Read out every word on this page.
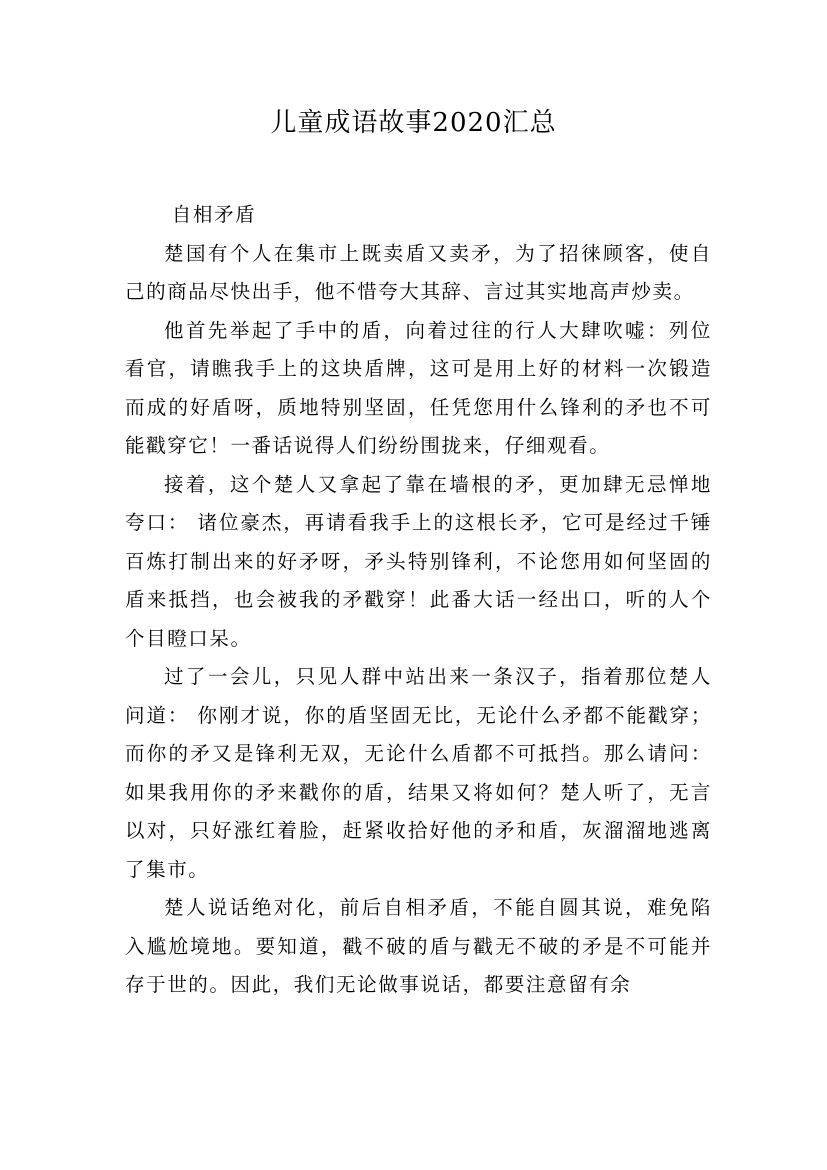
儿童成语故事2020汇总

自相矛盾

楚国有个人在集市上既卖盾又卖矛，为了招徕顾客，使自己的商品尽快出手，他不惜夸大其辞、言过其实地高声炒卖。

他首先举起了手中的盾，向着过往的行人大肆吹嘘：列位看官，请瞧我手上的这块盾牌，这可是用上好的材料一次锻造而成的好盾呀，质地特别坚固，任凭您用什么锋利的矛也不可能戳穿它！一番话说得人们纷纷围拢来，仔细观看。

接着，这个楚人又拿起了靠在墙根的矛，更加肆无忌惮地夸口： 诸位豪杰，再请看我手上的这根长矛，它可是经过千锤百炼打制出来的好矛呀，矛头特别锋利，不论您用如何坚固的盾来抵挡，也会被我的矛戳穿！此番大话一经出口，听的人个个目瞪口呆。

过了一会儿，只见人群中站出来一条汉子，指着那位楚人问道： 你刚才说，你的盾坚固无比，无论什么矛都不能戳穿；而你的矛又是锋利无双，无论什么盾都不可抵挡。那么请问：如果我用你的矛来戳你的盾，结果又将如何？楚人听了，无言以对，只好涨红着脸，赶紧收拾好他的矛和盾，灰溜溜地逃离了集市。

楚人说话绝对化，前后自相矛盾，不能自圆其说，难免陷入尴尬境地。要知道，戳不破的盾与戳无不破的矛是不可能并存于世的。因此，我们无论做事说话，都要注意留有余
